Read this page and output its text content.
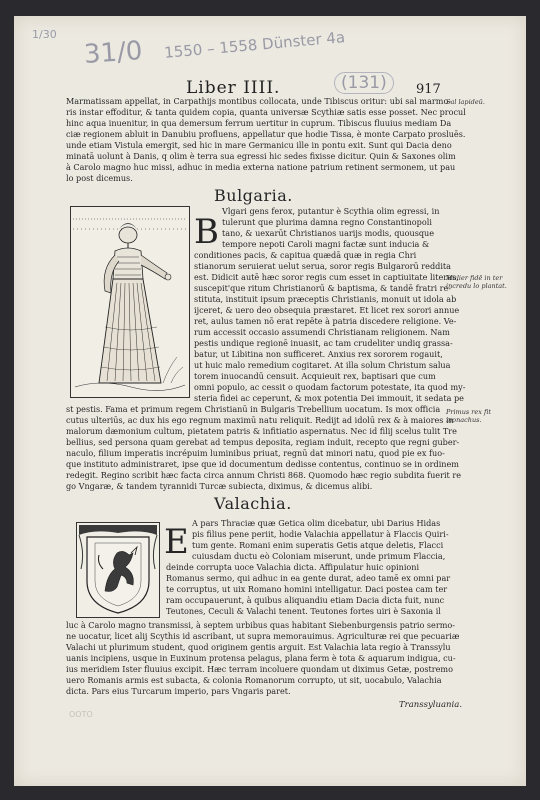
1/30
31/0 1550 – 1558 Dünster 4a
(131)
Liber IIII.	917
Marmatissam appellat, in Carpathijs montibus collocata, unde Tibiscus oritur: ubi sal marmo-
ris instar effoditur, & tanta quidem copia, quanta universæ Scythiæ satis esse posset. Nec procul
hinc aqua inuenitur, in qua demersum ferrum uertitur in cuprum. Tibiscus fluuius mediam Da
ciæ regionem abluit in Danubiu profluens, appellatur que hodie Tissa, è monte Carpato prosluēs.
unde etiam Vistula emergit, sed hic in mare Germanicu ille in pontu exit. Sunt qui Dacia deno
minatā uolunt à Danis, q olim è terra sua egressi hic sedes fixisse dicitur. Quin & Saxones olim
à Carolo magno huc missi, adhuc in media externa natione patrium retinent sermonem, ut pau
lo post dicemus.
Sal lapideū.
Bulgaria.
B
Vlgari gens ferox, putantur è Scythia olim egressi, in
tulerunt que plurima damna regno Constantinopoli
tano, & uexarūt Christianos uarijs modis, quousque
tempore nepoti Caroli magni factæ sunt inducia &
conditiones pacis, & capitua quædā quæ in regia Chri
stianorum seruierat uelut serua, soror regis Bulgarorū reddita
est. Didicit autē hæc soror regis cum esset in captiuitate literas,
suscepit'que ritum Christianorū & baptisma, & tandē fratri re-
stituta, instituit ipsum præceptis Christianis, monuit ut idola ab
ijceret, & uero deo obsequia præstaret. Et licet rex sorori annue
ret, aulus tamen nō erat repēte à patria discedere religione. Ve-
rum accessit occasio assumendi Christianam religionem. Nam
pestis undique regionē inuasit, ac tam crudeliter undiq grassa-
batur, ut Libitina non sufficeret. Anxius rex sororem rogauit,
ut huic malo remedium cogitaret. At illa solum Christum salua
torem inuocandū censuit. Acquieuit rex, baptisari que cum
omni populo, ac cessit o quodam factorum potestate, ita quod my-
steria fidei ac ceperunt, & mox potentia Dei immouit, it sedata pe
st pestis. Fama et primum regem Christianū in Bulgaris Trebellium uocatum. Is mox officia
cutus ulteriūs, ac dux his ego regnum maximū natu reliquit. Redijt ad idolū rex & à maiores in
malorum dæmonium cultum, pietatem patris & infitiatio aspernatus. Nec id filij scelus tulit Tre
bellius, sed persona quam gerebat ad tempus deposita, regiam induit, recepto que regni guber-
naculo, filium imperatis incrépuim luminibus priuat, regnū dat minori natu, quod pie ex fuo-
que instituto administraret, ipse que id documentum dedisse contentus, continuo se in ordinem
redegit. Regino scribit hæc facta circa annum Christi 868. Quomodo hæc regio subdita fuerit re
go Vngaræ, & tandem tyrannidi Turcæ subiecta, diximus, & dicemus alibi.
Mulier fidē in ter incredu lo plantat.
Primus rex fit monachus.
Valachia.
E A pars Thraciæ quæ Getica olim dicebatur, ubi Darius Hidas
pis filius pene periit, hodie Valachia appellatur à Flaccis Quiri-
tum gente. Romani enim superatis Getis atque deletis, Flacci
cuiusdam ductu eò Coloniam miserunt, unde primum Flaccia,
deinde corrupta uoce Valachia dicta. Affipulatur huic opinioni
Romanus sermo, qui adhuc in ea gente durat, adeo tamē ex omni par
te corruptus, ut uix Romano homini intelligatur. Daci postea cam ter
ram occupauerunt, à quibus aliquandiu etiam Dacia dicta fuit, nunc
Teutones, Ceculi & Valachi tenent. Teutones fortes uiri è Saxonia il
luc à Carolo magno transmissi, à septem urbibus quas habitant Siebenburgensis patrio sermo-
ne uocatur, licet alij Scythis id ascribant, ut supra memorauimus. Agriculturæ rei que pecuariæ
Valachi ut plurimum student, quod originem gentis arguit. Est Valachia lata regio à Transsylu
uanis incipiens, usque in Euxinum protensa pelagus, plana ferm è tota & aquarum indigua, cu-
ius meridiem Ister fluuius excipit. Hæc terram incoluere quondam ut diximus Getæ, postremo
uero Romanis armis est subacta, & colonia Romanorum corrupto, ut sit, uocabulo, Valachia
dicta. Pars eius Turcarum imperio, pars Vngaris paret.
Transsyluania.
OOTO
